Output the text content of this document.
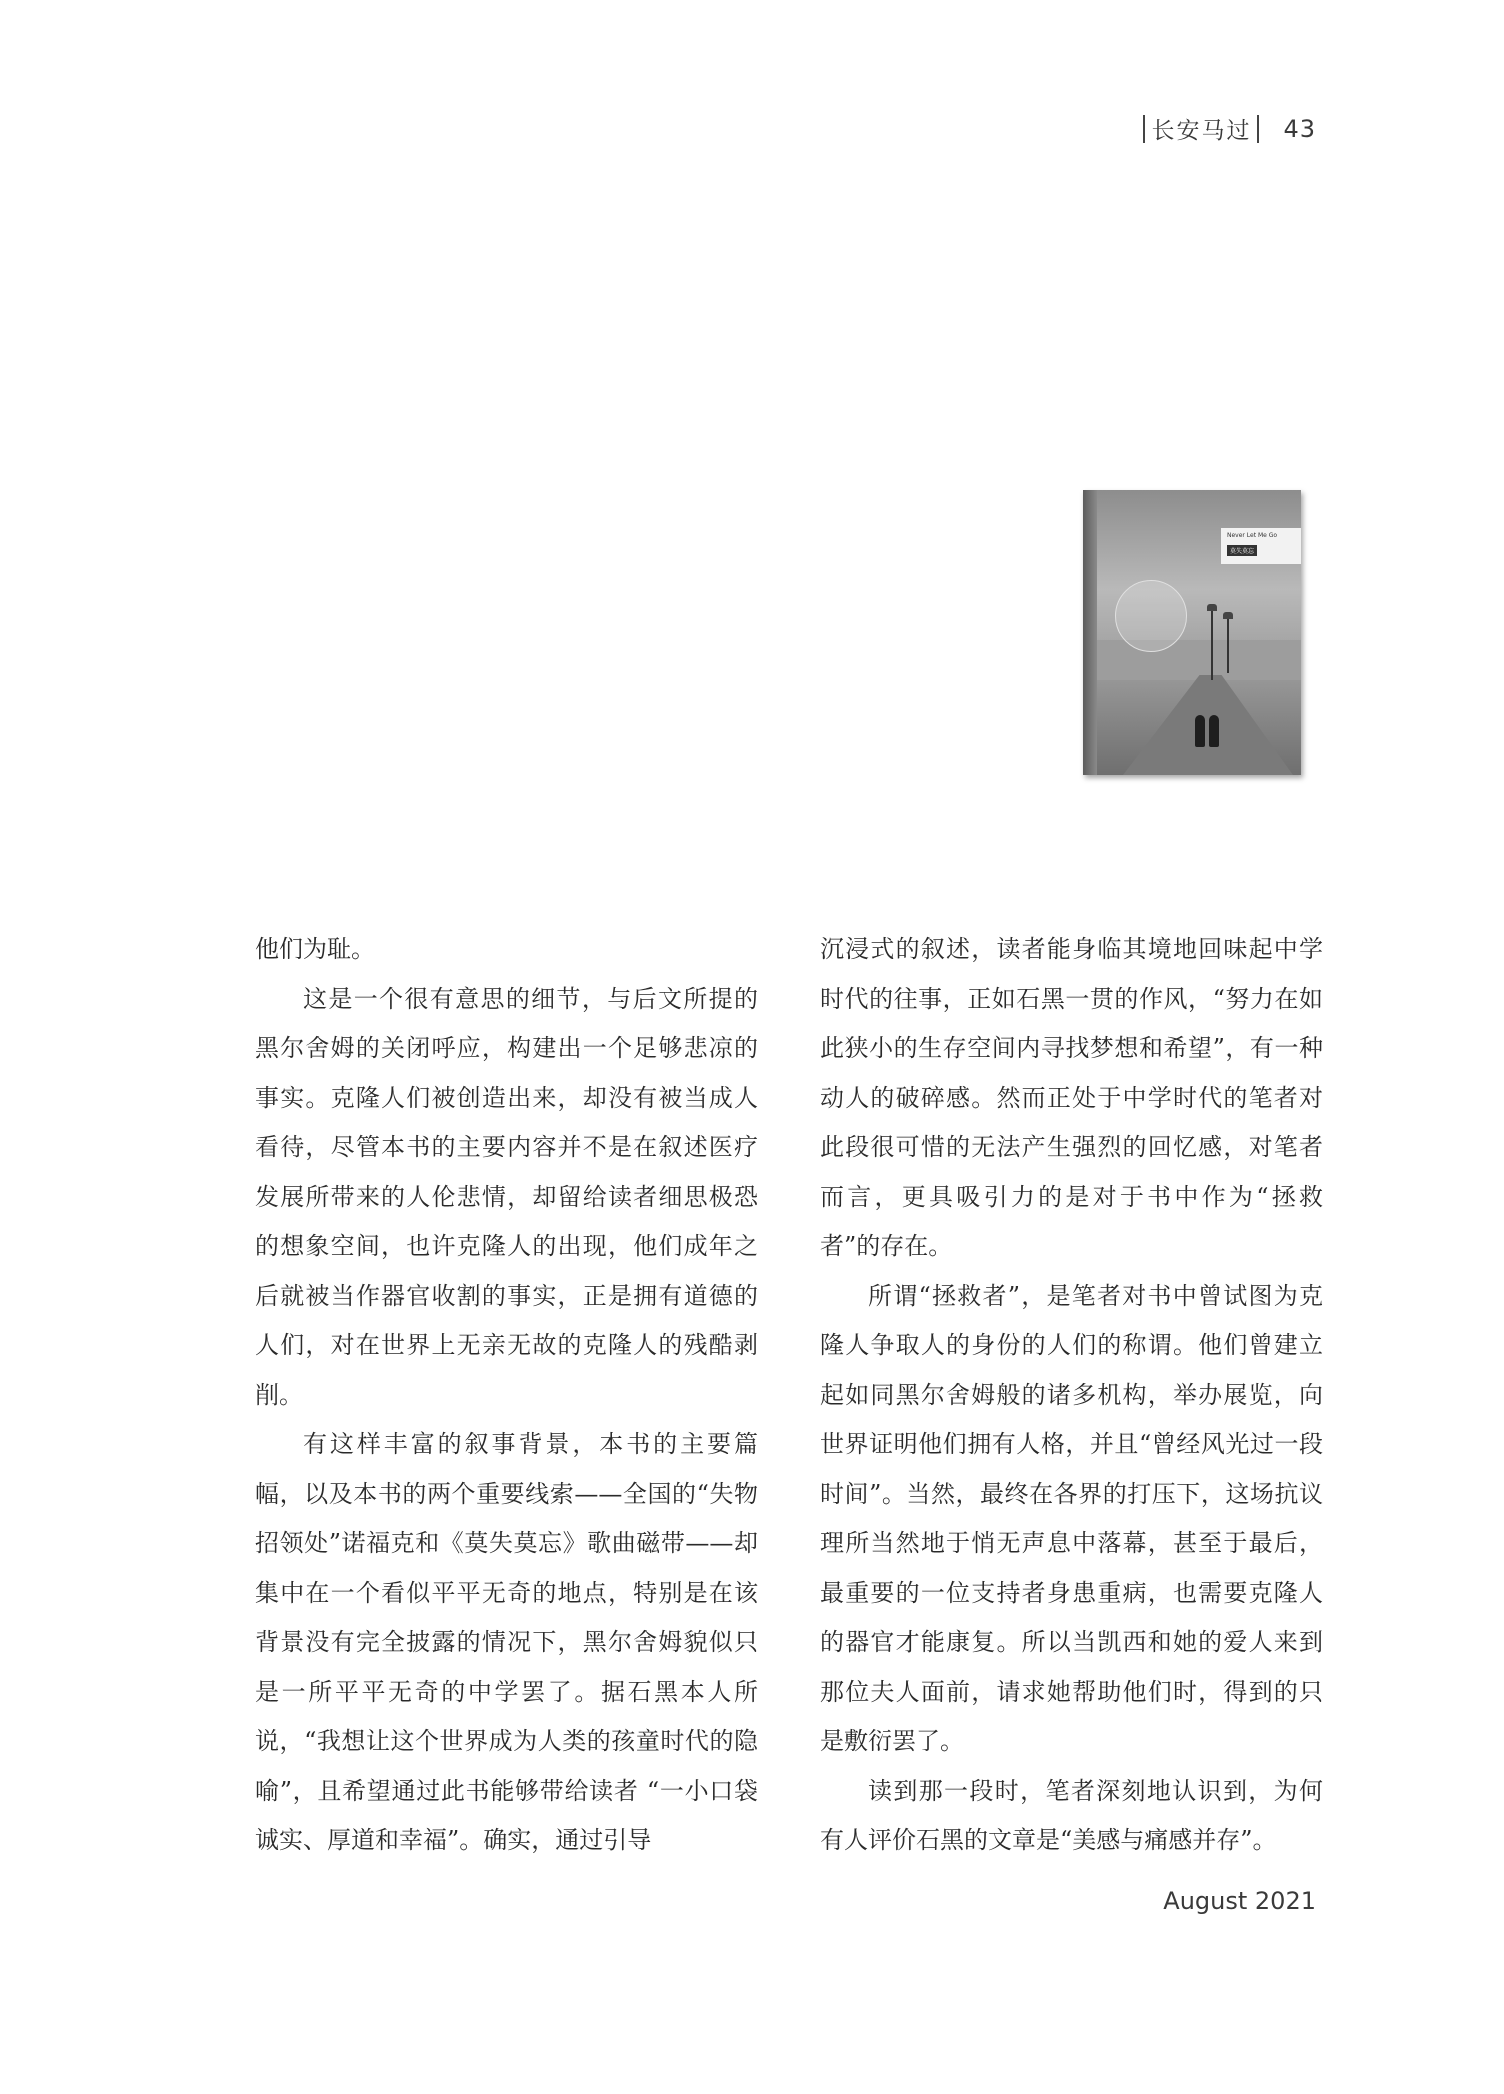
长安马过 43
Never Let Me Go
莫失莫忘

他们为耻。

这是一个很有意思的细节，与后文所提的黑尔舍姆的关闭呼应，构建出一个足够悲凉的事实。克隆人们被创造出来，却没有被当成人看待，尽管本书的主要内容并不是在叙述医疗发展所带来的人伦悲情，却留给读者细思极恐的想象空间，也许克隆人的出现，他们成年之后就被当作器官收割的事实，正是拥有道德的人们，对在世界上无亲无故的克隆人的残酷剥削。

有这样丰富的叙事背景，本书的主要篇幅，以及本书的两个重要线索——全国的“失物招领处”诺福克和《莫失莫忘》歌曲磁带——却集中在一个看似平平无奇的地点，特别是在该背景没有完全披露的情况下，黑尔舍姆貌似只是一所平平无奇的中学罢了。据石黑本人所说，“我想让这个世界成为人类的孩童时代的隐喻”，且希望通过此书能够带给读者 “一小口袋诚实、厚道和幸福”。确实，通过引导

沉浸式的叙述，读者能身临其境地回味起中学时代的往事，正如石黑一贯的作风，“努力在如此狭小的生存空间内寻找梦想和希望”，有一种动人的破碎感。然而正处于中学时代的笔者对此段很可惜的无法产生强烈的回忆感，对笔者而言，更具吸引力的是对于书中作为“拯救者”的存在。

所谓“拯救者”，是笔者对书中曾试图为克隆人争取人的身份的人们的称谓。他们曾建立起如同黑尔舍姆般的诸多机构，举办展览，向世界证明他们拥有人格，并且“曾经风光过一段时间”。当然，最终在各界的打压下，这场抗议理所当然地于悄无声息中落幕，甚至于最后，最重要的一位支持者身患重病，也需要克隆人的器官才能康复。所以当凯西和她的爱人来到那位夫人面前，请求她帮助他们时，得到的只是敷衍罢了。

读到那一段时，笔者深刻地认识到，为何有人评价石黑的文章是“美感与痛感并存”。

August 2021
